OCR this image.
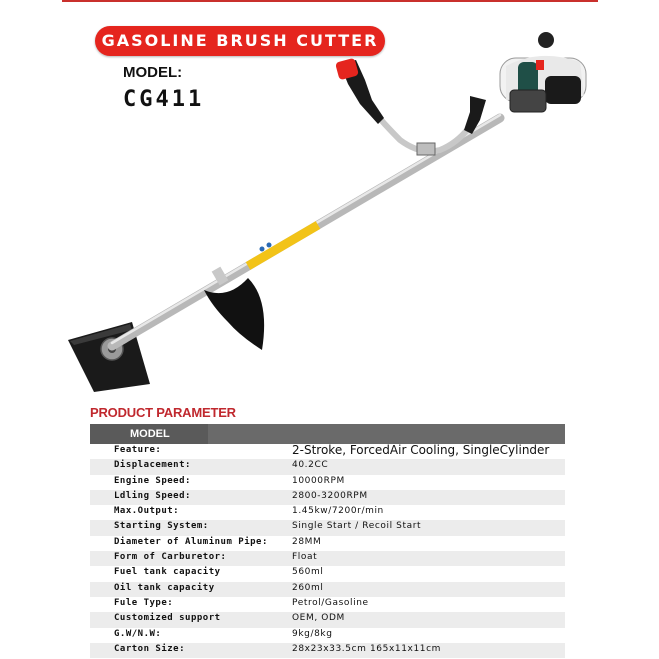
GASOLINE BRUSH CUTTER
MODEL:
CG411
PRODUCT PARAMETER
MODEL
Feature:	2-Stroke, ForcedAir Cooling, SingleCylinder
Displacement:	40.2CC
Engine Speed:	10000RPM
Ldling Speed:	2800-3200RPM
Max.Output:	1.45kw/7200r/min
Starting System:	Single Start / Recoil Start
Diameter of Aluminum Pipe:	28MM
Form of Carburetor:	Float
Fuel tank capacity	560ml
Oil tank capacity	260ml
Fule Type:	Petrol/Gasoline
Customized support	OEM, ODM
G.W/N.W:	9kg/8kg
Carton Size:	28x23x33.5cm 165x11x11cm
